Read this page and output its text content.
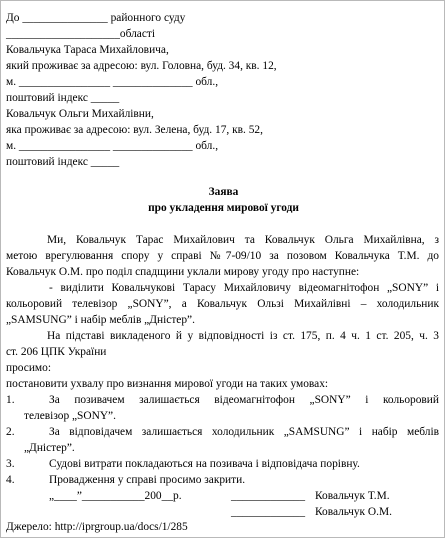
До _______________ районного суду
____________________області
Ковальчука Тараса Михайловича,
який проживає за адресою: вул. Головна, буд. 34, кв. 12,
м. ________________ ______________ обл.,
поштовий індекс _____
Ковальчук Ольги Михайлівни,
яка проживає за адресою: вул. Зелена, буд. 17, кв. 52,
м. ________________ ______________ обл.,
поштовий індекс _____
Заява
про укладення мирової угоди
Ми, Ковальчук Тарас Михайлович та Ковальчук Ольга Михайлівна, з
метою врегулювання спору у справі №7-09/10 за позовом Ковальчука Т.М. до
Ковальчук О.М. про поділ спадщини уклали мирову угоду про наступне:
- виділити Ковальчукові Тарасу Михайловичу відеомагнітофон „SONY” і
кольоровий телевізор „SONY”, а Ковальчук Ользі Михайлівні – холодильник
„SAMSUNG” і набір меблів „Дністер”.
На підставі викладеного й у відповідності із ст. 175, п. 4 ч. 1 ст. 205, ч. 3
ст. 206 ЦПК України
просимо:
постановити ухвалу про визнання мирової угоди на таких умовах:
1.	За позивачем залишається відеомагнітофон „SONY” і кольоровий
телевізор „SONY”.
2.	За відповідачем залишається холодильник „SAMSUNG” і набір меблів
„Дністер”.
3.	Судові витрати покладаються на позивача і відповідача порівну.
4.	Провадження у справі просимо закрити.
„____”___________200__р.	_____________ Ковальчук Т.М.
_____________ Ковальчук О.М.
Джерело: http://iprgroup.ua/docs/1/285
